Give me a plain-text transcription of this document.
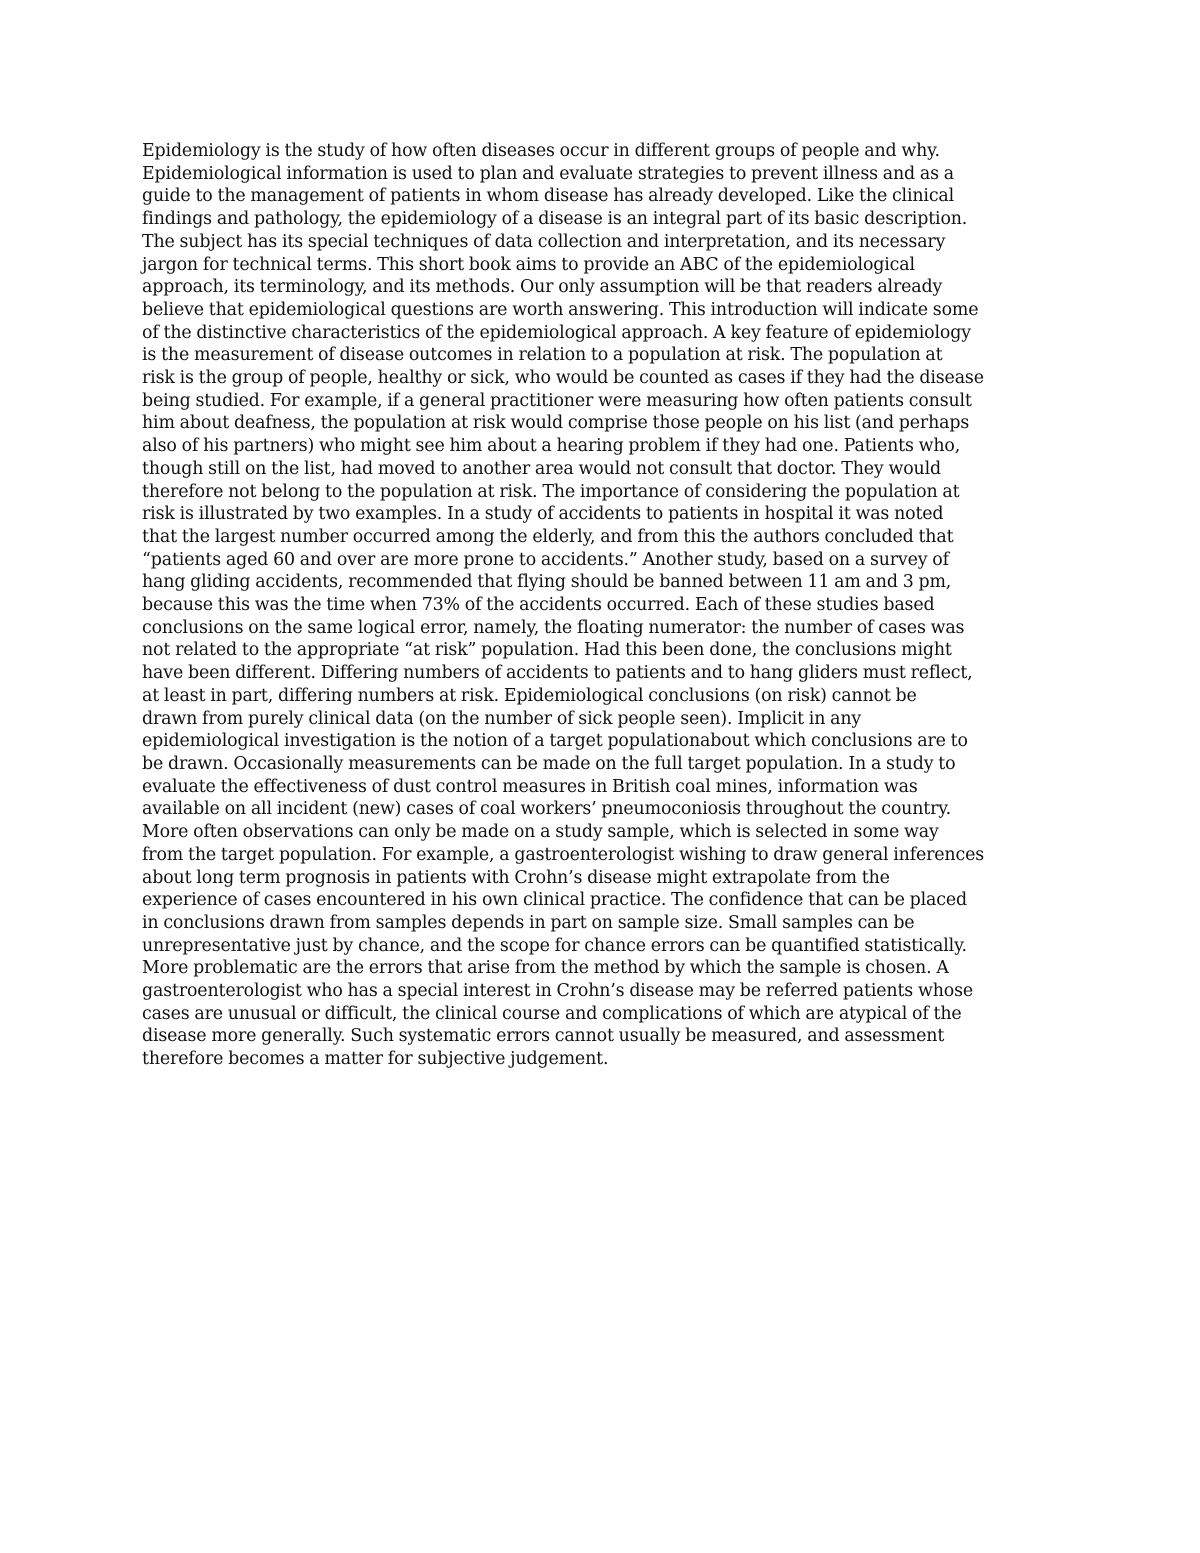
Epidemiology is the study of how often diseases occur in different groups of people and why.
Epidemiological information is used to plan and evaluate strategies to prevent illness and as a
guide to the management of patients in whom disease has already developed. Like the clinical
findings and pathology, the epidemiology of a disease is an integral part of its basic description.
The subject has its special techniques of data collection and interpretation, and its necessary
jargon for technical terms. This short book aims to provide an ABC of the epidemiological
approach, its terminology, and its methods. Our only assumption will be that readers already
believe that epidemiological questions are worth answering. This introduction will indicate some
of the distinctive characteristics of the epidemiological approach. A key feature of epidemiology
is the measurement of disease outcomes in relation to a population at risk. The population at
risk is the group of people, healthy or sick, who would be counted as cases if they had the disease
being studied. For example, if a general practitioner were measuring how often patients consult
him about deafness, the population at risk would comprise those people on his list (and perhaps
also of his partners) who might see him about a hearing problem if they had one. Patients who,
though still on the list, had moved to another area would not consult that doctor. They would
therefore not belong to the population at risk. The importance of considering the population at
risk is illustrated by two examples. In a study of accidents to patients in hospital it was noted
that the largest number occurred among the elderly, and from this the authors concluded that
“patients aged 60 and over are more prone to accidents.” Another study, based on a survey of
hang gliding accidents, recommended that flying should be banned between 11 am and 3 pm,
because this was the time when 73% of the accidents occurred. Each of these studies based
conclusions on the same logical error, namely, the floating numerator: the number of cases was
not related to the appropriate “at risk” population. Had this been done, the conclusions might
have been different. Differing numbers of accidents to patients and to hang gliders must reflect,
at least in part, differing numbers at risk. Epidemiological conclusions (on risk) cannot be
drawn from purely clinical data (on the number of sick people seen). Implicit in any
epidemiological investigation is the notion of a target populationabout which conclusions are to
be drawn. Occasionally measurements can be made on the full target population. In a study to
evaluate the effectiveness of dust control measures in British coal mines, information was
available on all incident (new) cases of coal workers’ pneumoconiosis throughout the country.
More often observations can only be made on a study sample, which is selected in some way
from the target population. For example, a gastroenterologist wishing to draw general inferences
about long term prognosis in patients with Crohn’s disease might extrapolate from the
experience of cases encountered in his own clinical practice. The confidence that can be placed
in conclusions drawn from samples depends in part on sample size. Small samples can be
unrepresentative just by chance, and the scope for chance errors can be quantified statistically.
More problematic are the errors that arise from the method by which the sample is chosen. A
gastroenterologist who has a special interest in Crohn’s disease may be referred patients whose
cases are unusual or difficult, the clinical course and complications of which are atypical of the
disease more generally. Such systematic errors cannot usually be measured, and assessment
therefore becomes a matter for subjective judgement.
